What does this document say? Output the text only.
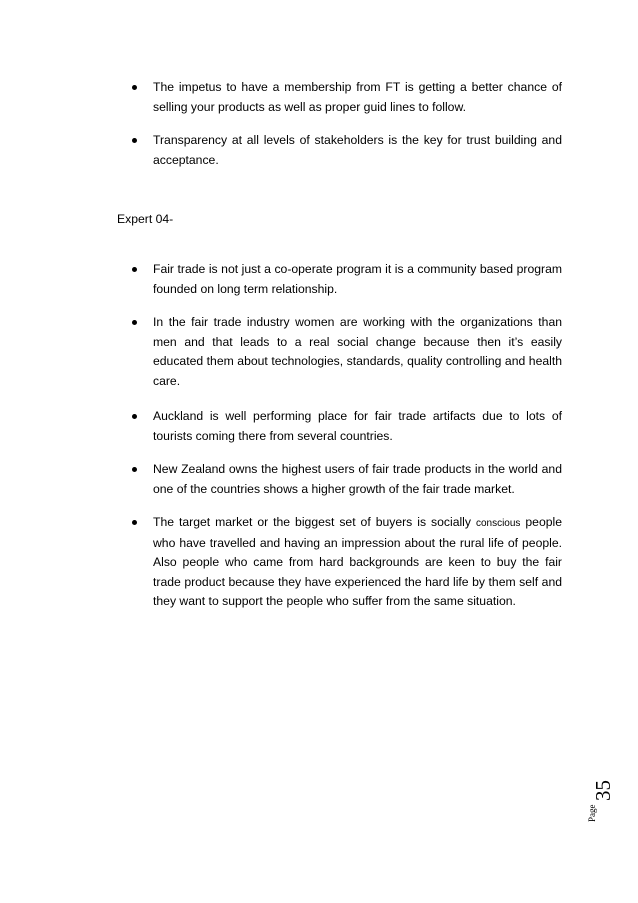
The impetus to have a membership from FT is getting a better chance of selling your products as well as proper guid lines to follow.
Transparency at all levels of stakeholders is the key for trust building and acceptance.
Expert 04-
Fair trade is not just a co-operate program it is a community based program founded on long term relationship.
In the fair trade industry women are working with the organizations than men and that leads to a real social change because then it’s easily educated them about technologies, standards, quality controlling and health care.
Auckland is well performing place for fair trade artifacts due to lots of tourists coming there from several countries.
New Zealand owns the highest users of fair trade products in the world and one of the countries shows a higher growth of the fair trade market.
The target market or the biggest set of buyers is socially conscious people who have travelled and having an impression about the rural life of people. Also people who came from hard backgrounds are keen to buy the fair trade product because they have experienced the hard life by them self and they want to support the people who suffer from the same situation.
Page
35
